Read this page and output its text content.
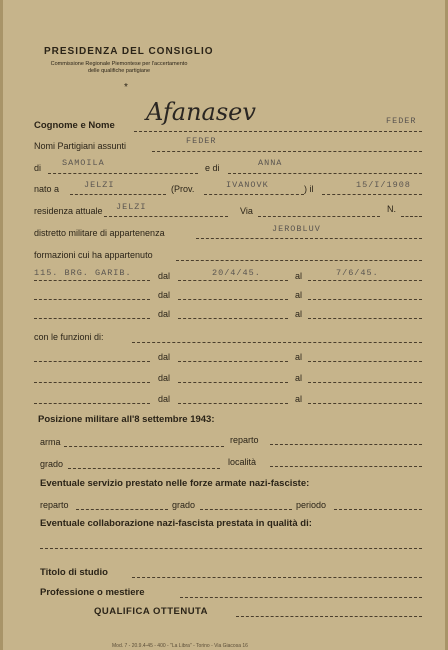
PRESIDENZA DEL CONSIGLIO
Commissione Regionale Piemontese per l'accertamento
delle qualifiche partigiane
*
Cognome e Nome Afanasev	FEDER
Nomi Partigiani assunti	FEDER
di SAMOILA	e di	ANNA
nato a	JELZI	(Prov.	IVANOVK	) il	15/I/1908
residenza attuale JELZI	Via	N.
distretto militare di appartenenza	JEROBLUV
formazioni cui ha appartenuto
115. BRG. GARIB.	dal	20/4/45.	al	7/6/45.
dal	al
dal	al
con le funzioni di:
dal	al
dal	al
dal	al
Posizione militare all'8 settembre 1943:
arma	reparto
grado	località
Eventuale servizio prestato nelle forze armate nazi-fasciste:
reparto	grado	periodo
Eventuale collaborazione nazi-fascista prestata in qualità di:
Titolo di studio
Professione o mestiere
QUALIFICA OTTENUTA
Mod. 7 - 20.9.4-45 - 400 - "La Libra" - Torino - Via Giacosa 16
